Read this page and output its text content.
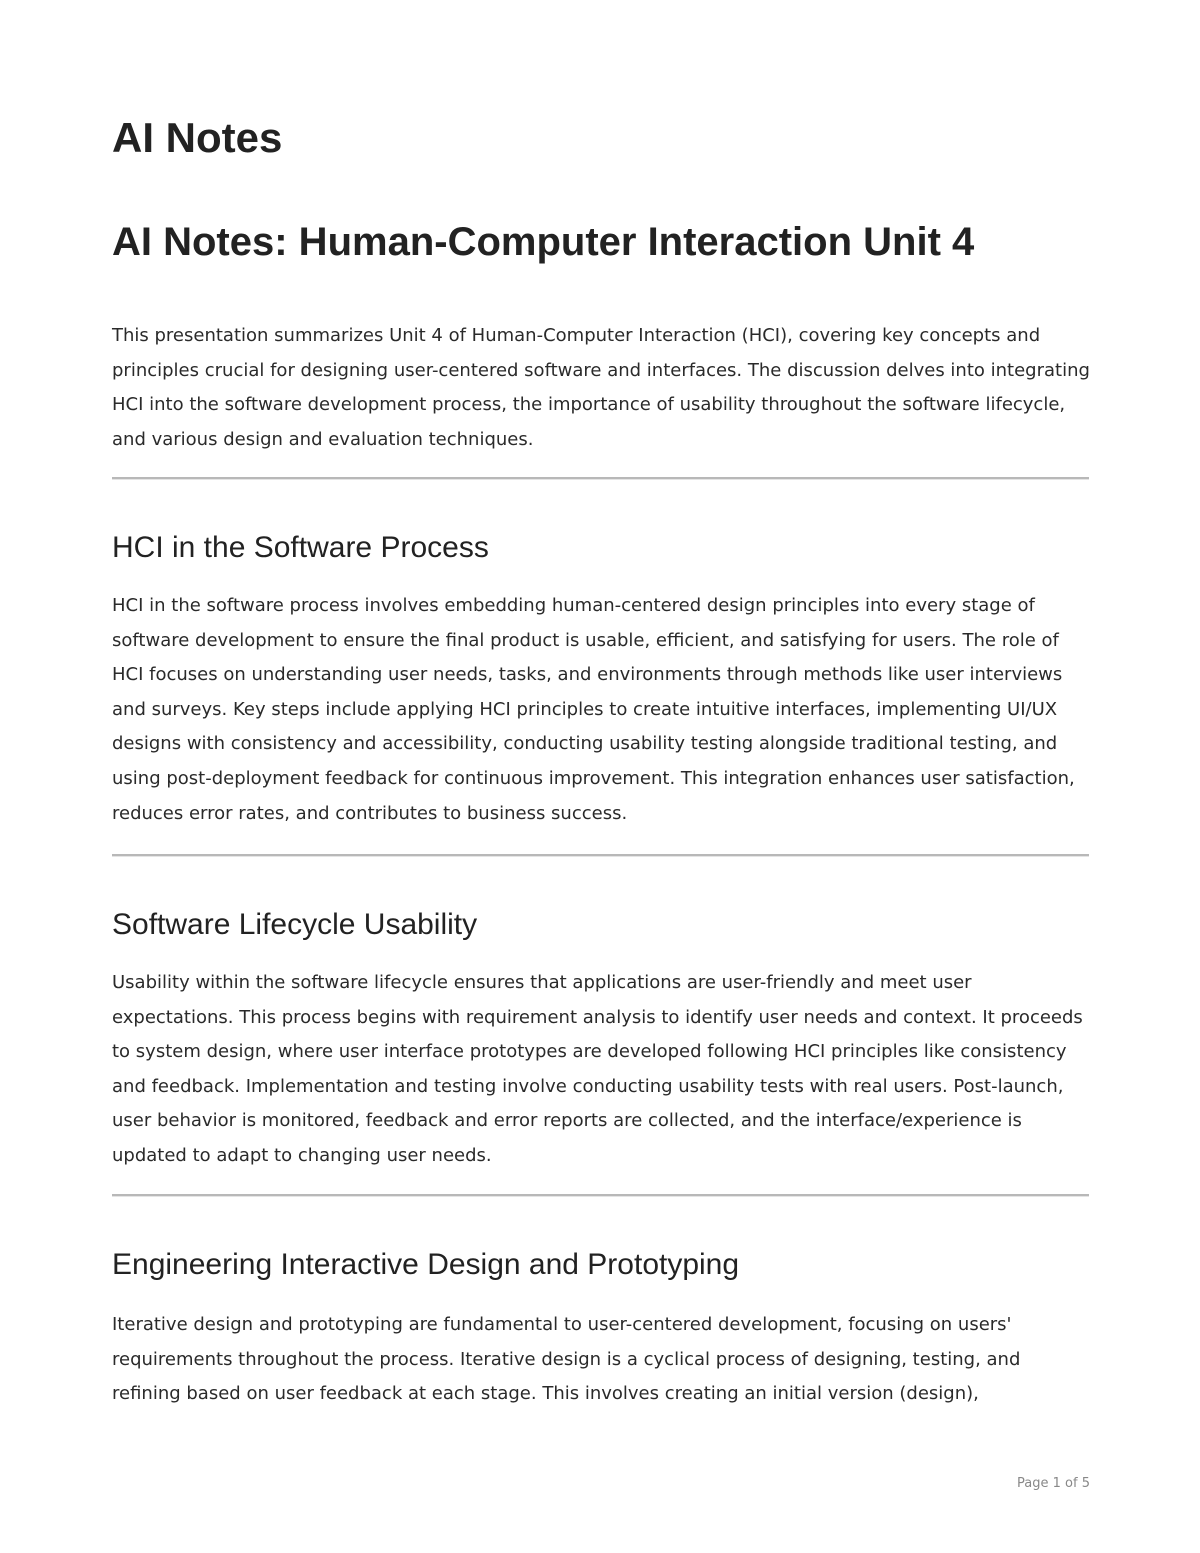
AI Notes
AI Notes: Human-Computer Interaction Unit 4

This presentation summarizes Unit 4 of Human-Computer Interaction (HCI), covering key concepts and principles crucial for designing user-centered software and interfaces. The discussion delves into integrating HCI into the software development process, the importance of usability throughout the software lifecycle, and various design and evaluation techniques.

HCI in the Software Process

HCI in the software process involves embedding human-centered design principles into every stage of software development to ensure the final product is usable, efficient, and satisfying for users. The role of HCI focuses on understanding user needs, tasks, and environments through methods like user interviews and surveys. Key steps include applying HCI principles to create intuitive interfaces, implementing UI/UX designs with consistency and accessibility, conducting usability testing alongside traditional testing, and using post-deployment feedback for continuous improvement. This integration enhances user satisfaction, reduces error rates, and contributes to business success.

Software Lifecycle Usability

Usability within the software lifecycle ensures that applications are user-friendly and meet user expectations. This process begins with requirement analysis to identify user needs and context. It proceeds to system design, where user interface prototypes are developed following HCI principles like consistency and feedback. Implementation and testing involve conducting usability tests with real users. Post-launch, user behavior is monitored, feedback and error reports are collected, and the interface/experience is updated to adapt to changing user needs.

Engineering Interactive Design and Prototyping

Iterative design and prototyping are fundamental to user-centered development, focusing on users' requirements throughout the process. Iterative design is a cyclical process of designing, testing, and refining based on user feedback at each stage. This involves creating an initial version (design),

Page 1 of 5
